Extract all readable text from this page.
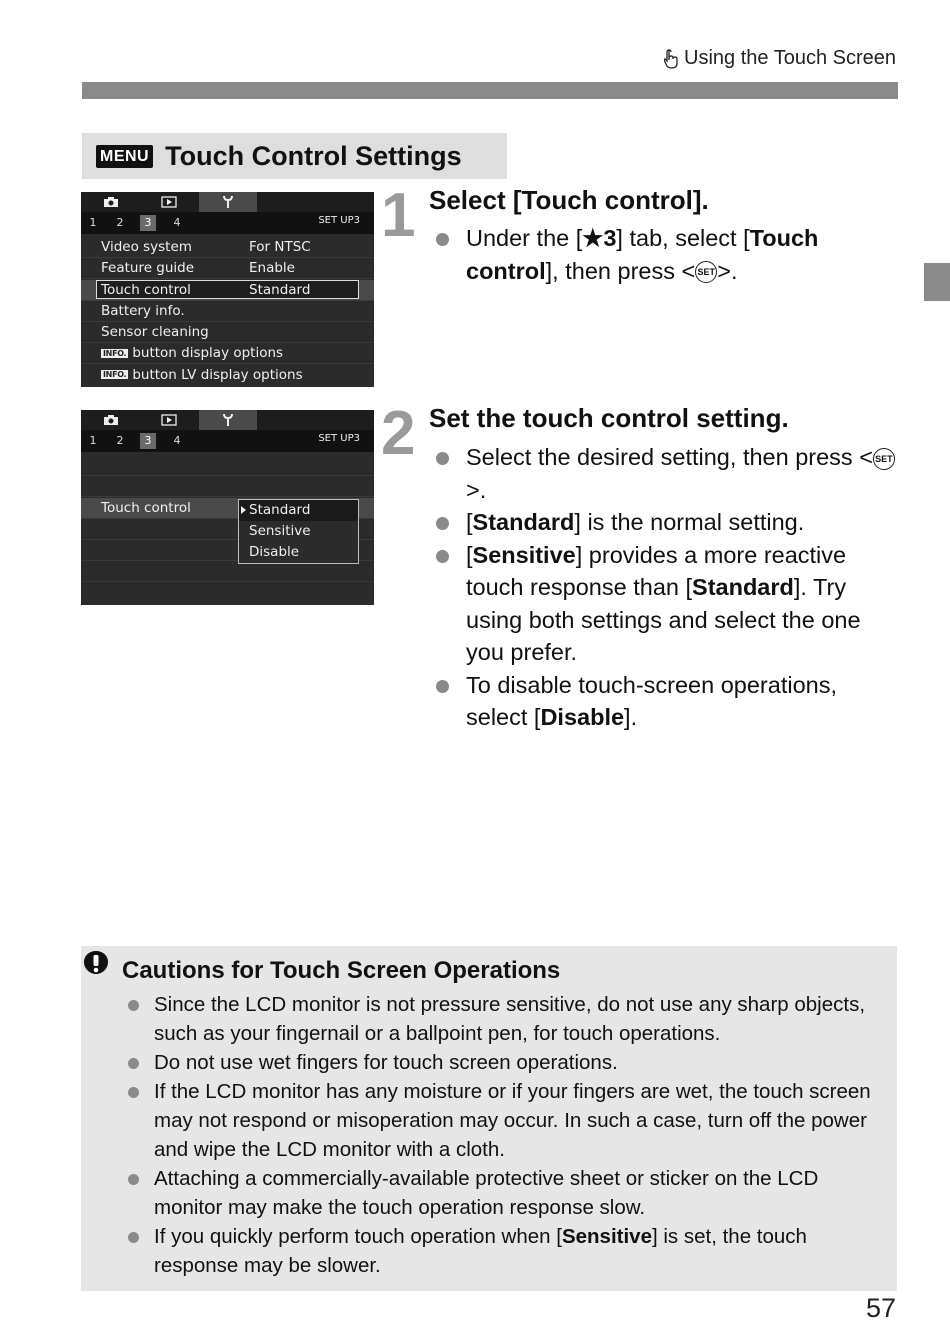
Using the Touch Screen
MENU Touch Control Settings
1	2	3	4	SET UP3
Video system	For NTSC
Feature guide	Enable
Touch control	Standard
Battery info.
Sensor cleaning
INFO. button display options
INFO. button LV display options
1	2	3	4	SET UP3
Touch control	Standard
Sensitive
Disable
1 Select [Touch control].
Under the [★3] tab, select [Touch control], then press < SET>.
2 Set the touch control setting.
Select the desired setting, then press < SET>.
[Standard] is the normal setting.
[Sensitive] provides a more reactive touch response than [Standard]. Try using both settings and select the one you prefer.
To disable touch-screen operations, select [Disable].
Cautions for Touch Screen Operations
Since the LCD monitor is not pressure sensitive, do not use any sharp objects, such as your fingernail or a ballpoint pen, for touch operations.
Do not use wet fingers for touch screen operations.
If the LCD monitor has any moisture or if your fingers are wet, the touch screen may not respond or misoperation may occur. In such a case, turn off the power and wipe the LCD monitor with a cloth.
Attaching a commercially-available protective sheet or sticker on the LCD monitor may make the touch operation response slow.
If you quickly perform touch operation when [Sensitive] is set, the touch response may be slower.
57
